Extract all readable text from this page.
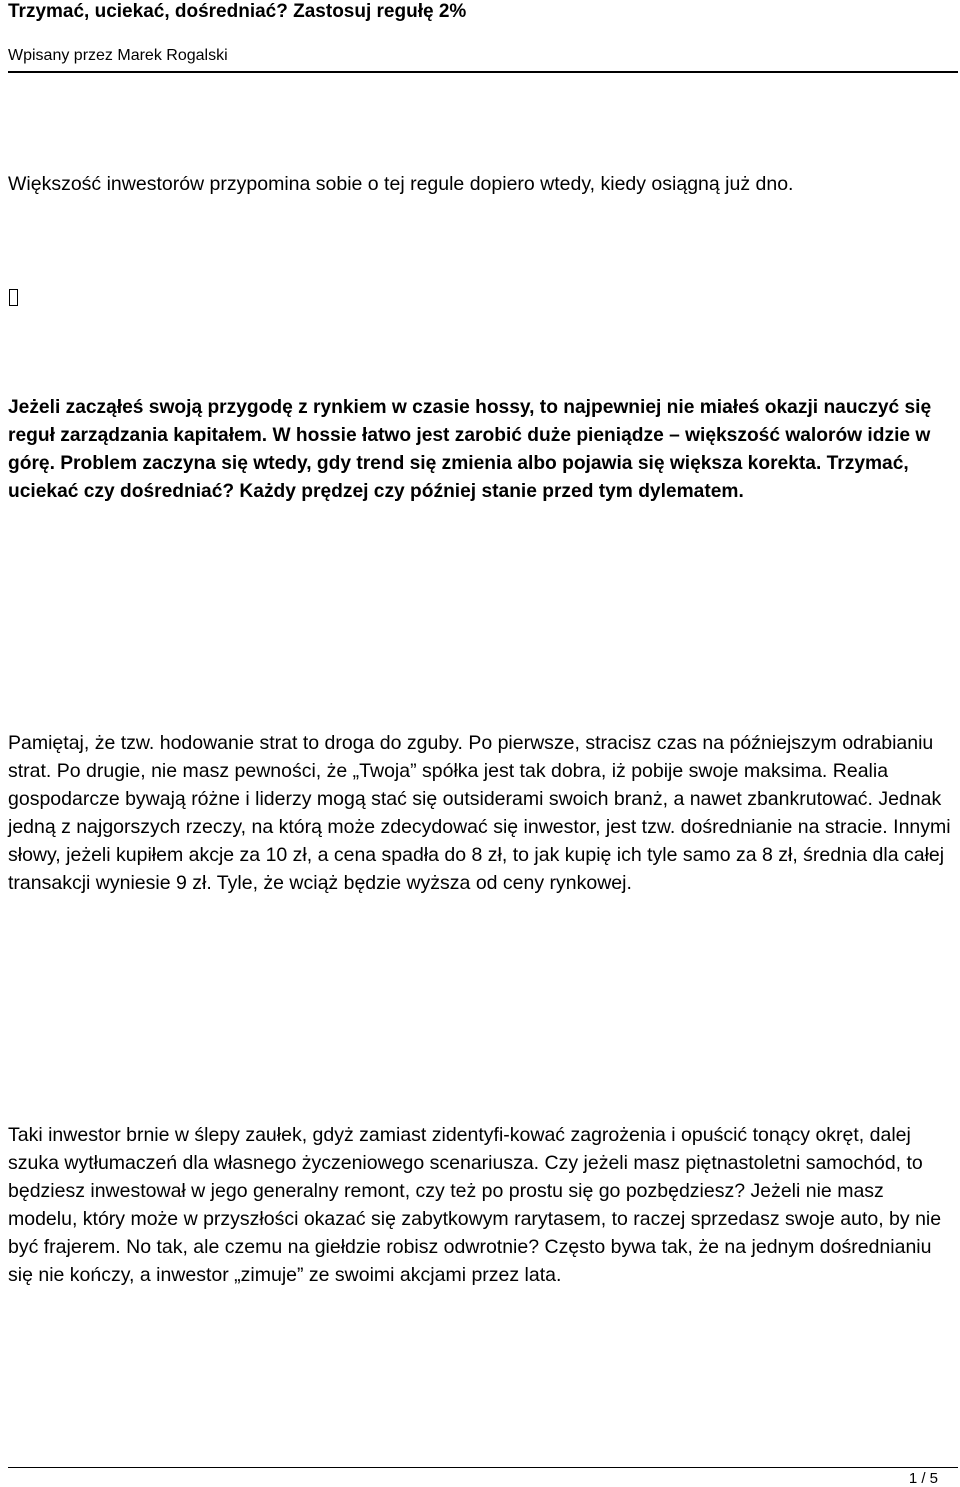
Trzymać, uciekać, dośredniać? Zastosuj regułę 2%

Wpisany przez Marek Rogalski

Większość inwestorów przypomina sobie o tej regule dopiero wtedy, kiedy osiągną już dno.

Jeżeli zacząłeś swoją przygodę z rynkiem w czasie hossy, to najpewniej nie miałeś okazji nauczyć się reguł zarządzania kapitałem. W hossie łatwo jest zarobić duże pieniądze – większość walorów idzie w górę. Problem zaczyna się wtedy, gdy trend się zmienia albo pojawia się większa korekta. Trzymać, uciekać czy dośredniać? Każdy prędzej czy później stanie przed tym dylematem.

Pamiętaj, że tzw. hodowanie strat to droga do zguby. Po pierwsze, stracisz czas na późniejszym odrabianiu strat. Po drugie, nie masz pewności, że „Twoja” spółka jest tak dobra, iż pobije swoje maksima. Realia gospodarcze bywają różne i liderzy mogą stać się outsiderami swoich branż, a nawet zbankrutować. Jednak jedną z najgorszych rzeczy, na którą może zdecydować się inwestor, jest tzw. dośrednianie na stracie. Innymi słowy, jeżeli kupiłem akcje za 10 zł, a cena spadła do 8 zł, to jak kupię ich tyle samo za 8 zł, średnia dla całej transakcji wyniesie 9 zł. Tyle, że wciąż będzie wyższa od ceny rynkowej.

Taki inwestor brnie w ślepy zaułek, gdyż zamiast zidentyfi-kować zagrożenia i opuścić tonący okręt, dalej szuka wytłumaczeń dla własnego życzeniowego scenariusza. Czy jeżeli masz piętnastoletni samochód, to będziesz inwestował w jego generalny remont, czy też po prostu się go pozbędziesz? Jeżeli nie masz modelu, który może w przyszłości okazać się zabytkowym rarytasem, to raczej sprzedasz swoje auto, by nie być frajerem. No tak, ale czemu na giełdzie robisz odwrotnie? Często bywa tak, że na jednym dośrednianiu się nie kończy, a inwestor „zimuje” ze swoimi akcjami przez lata.

1 / 5
